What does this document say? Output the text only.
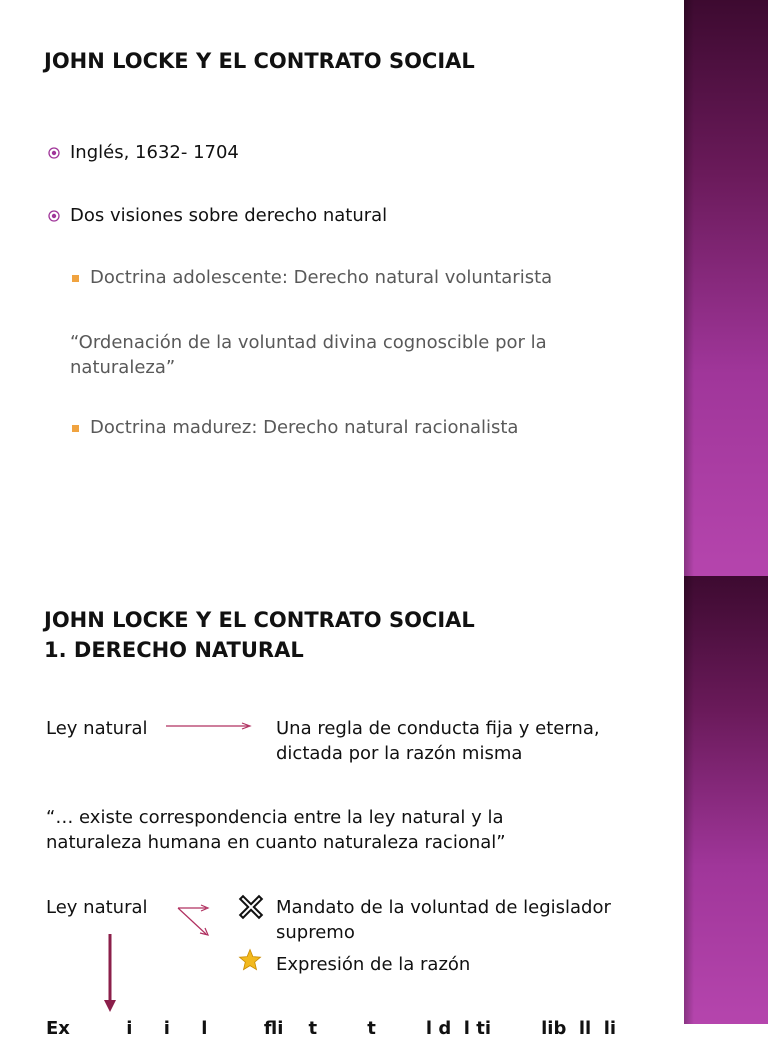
JOHN LOCKE Y EL CONTRATO SOCIAL
Inglés, 1632- 1704
Dos visiones sobre derecho natural
Doctrina adolescente: Derecho natural voluntarista
“Ordenación de la voluntad divina cognoscible por la naturaleza”
Doctrina madurez: Derecho natural racionalista
JOHN LOCKE Y EL CONTRATO SOCIAL
1. DERECHO NATURAL
Ley natural	Una regla de conducta fija y eterna,
dictada por la razón misma
“… existe correspondencia entre la ley natural y la
naturaleza humana en cuanto naturaleza racional”
Ley natural	Mandato de la voluntad de legislador
supremo
Expresión de la razón
Ex         i     i     l         fli    t        t        l d  l ti        lib  ll  li
